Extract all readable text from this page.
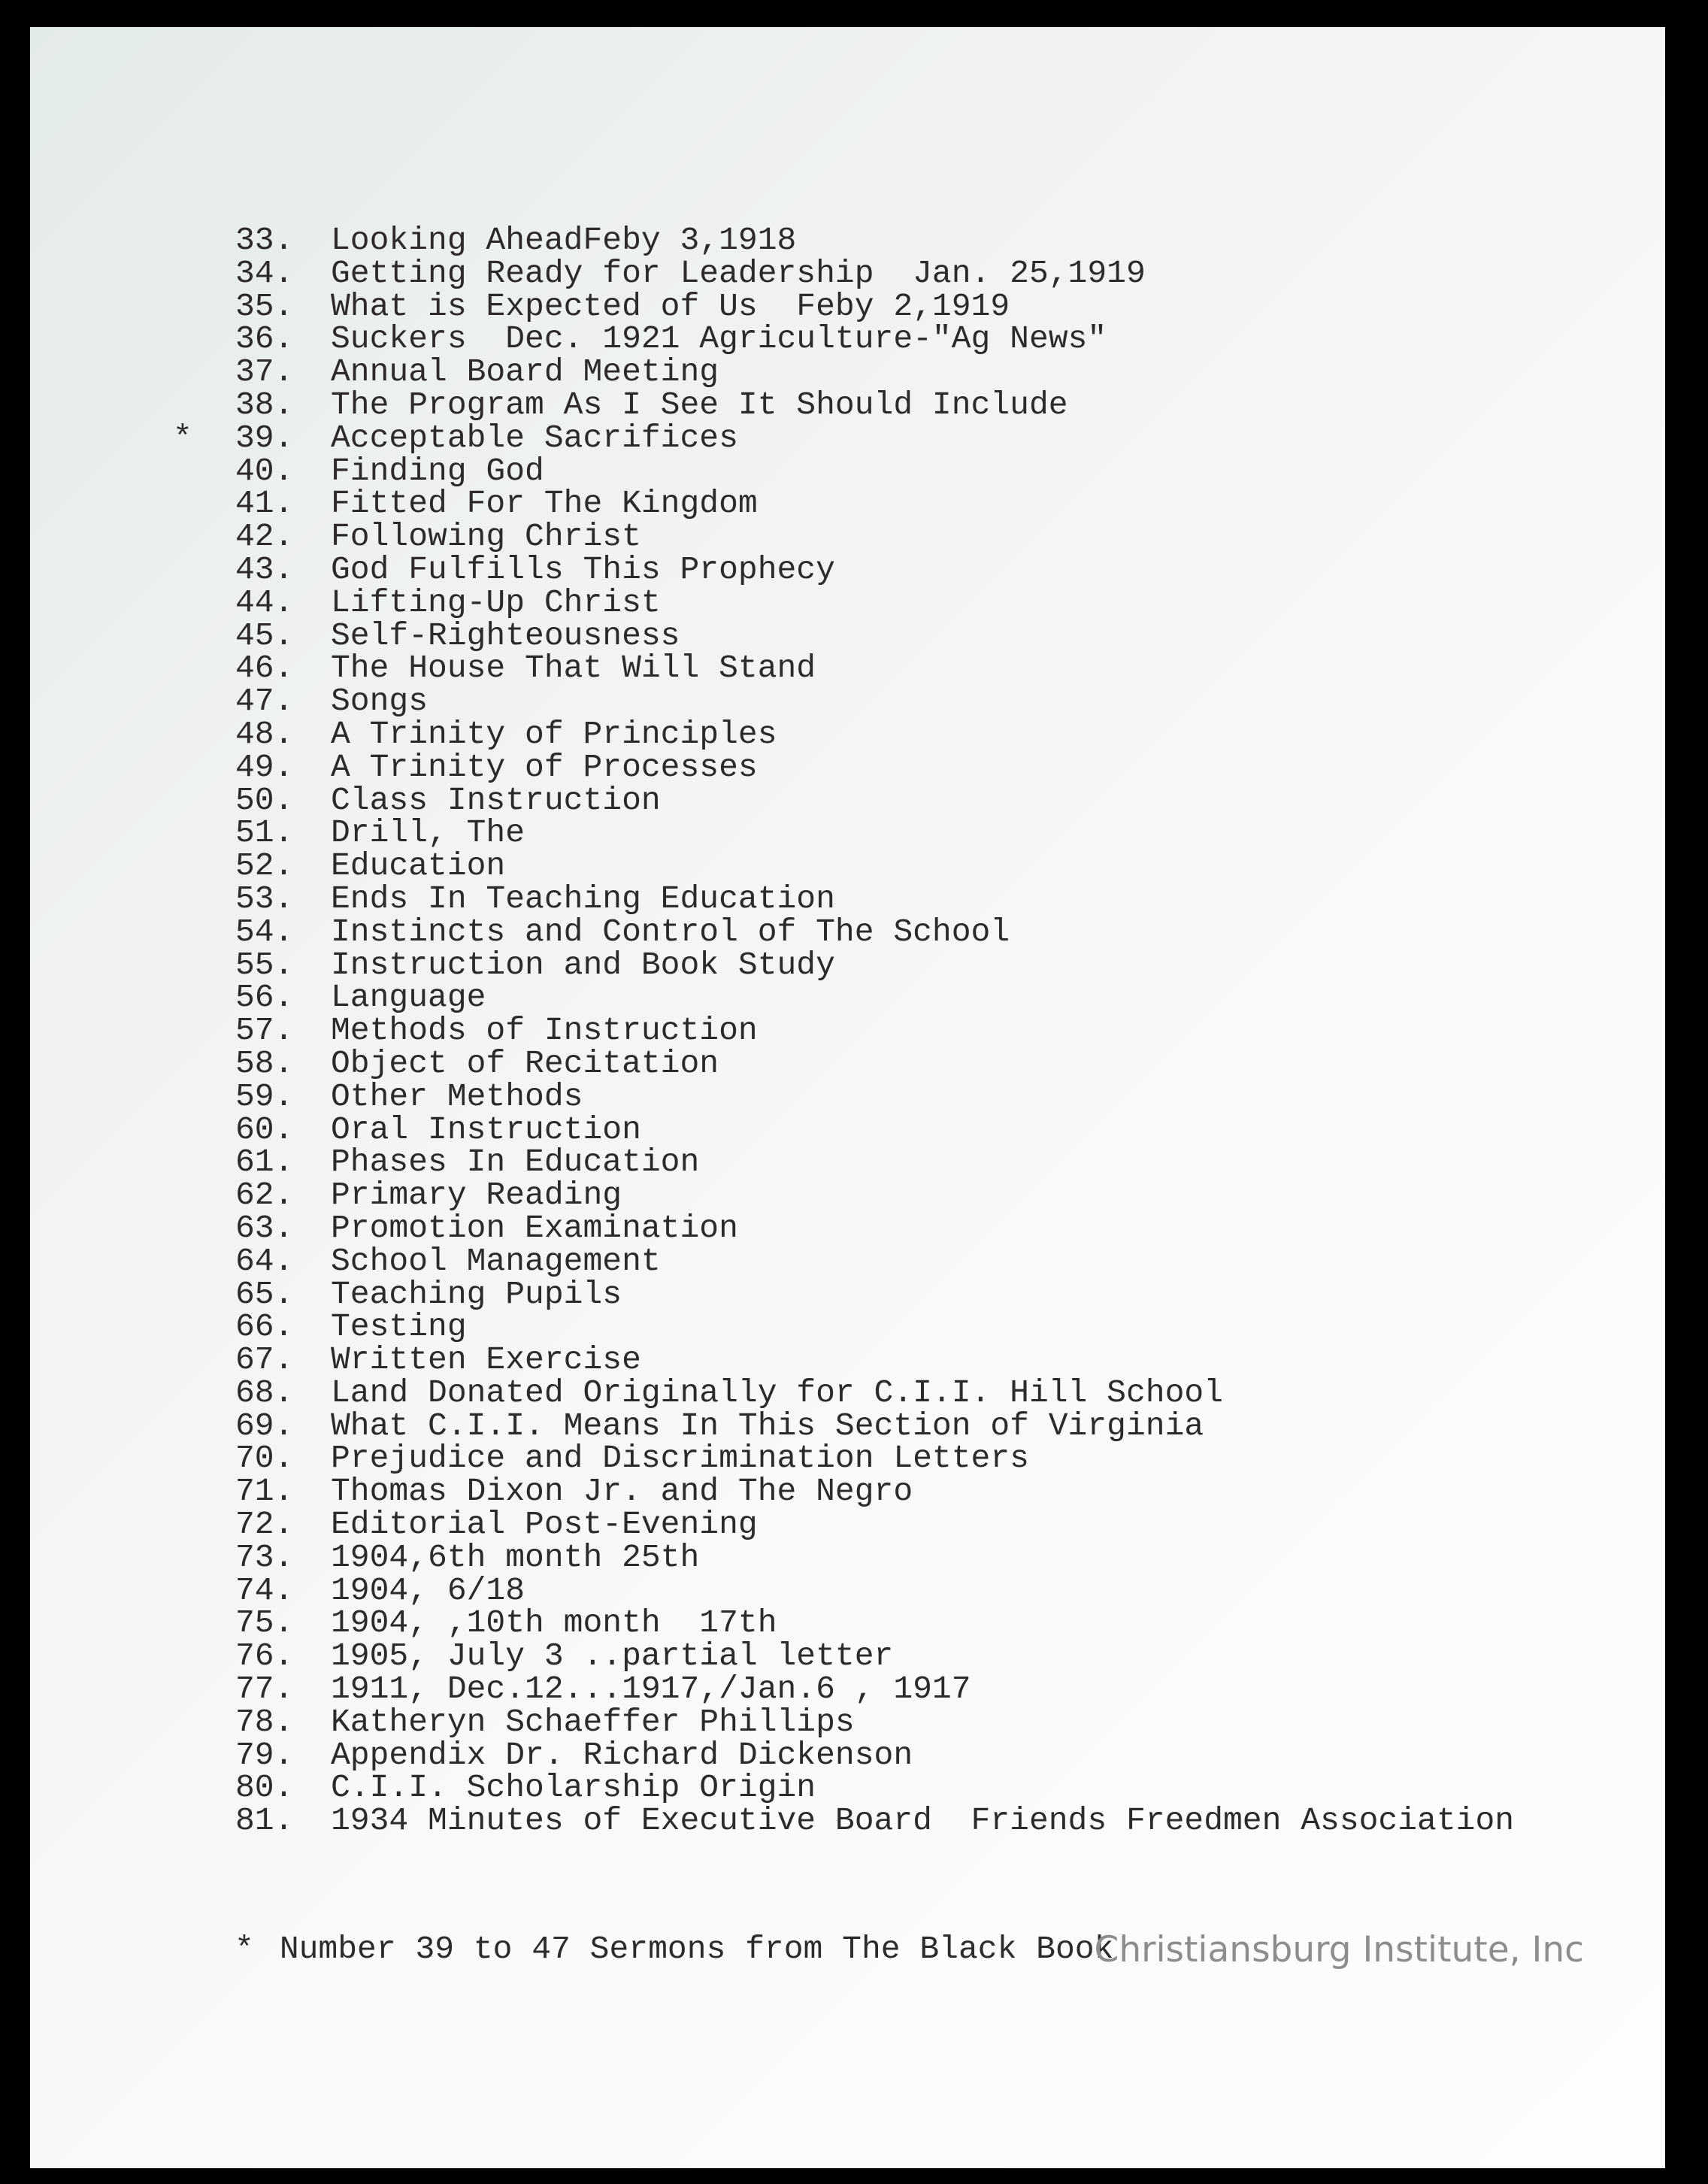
33. Looking AheadFeby 3,1918
34. Getting Ready for Leadership  Jan. 25,1919
35. What is Expected of Us  Feby 2,1919
36. Suckers  Dec. 1921 Agriculture-"Ag News"
37. Annual Board Meeting
38. The Program As I See It Should Include
* 39. Acceptable Sacrifices
40. Finding God
41. Fitted For The Kingdom
42. Following Christ
43. God Fulfills This Prophecy
44. Lifting-Up Christ
45. Self-Righteousness
46. The House That Will Stand
47. Songs
48. A Trinity of Principles
49. A Trinity of Processes
50. Class Instruction
51. Drill, The
52. Education
53. Ends In Teaching Education
54. Instincts and Control of The School
55. Instruction and Book Study
56. Language
57. Methods of Instruction
58. Object of Recitation
59. Other Methods
60. Oral Instruction
61. Phases In Education
62. Primary Reading
63. Promotion Examination
64. School Management
65. Teaching Pupils
66. Testing
67. Written Exercise
68. Land Donated Originally for C.I.I. Hill School
69. What C.I.I. Means In This Section of Virginia
70. Prejudice and Discrimination Letters
71. Thomas Dixon Jr. and The Negro
72. Editorial Post-Evening
73. 1904,6th month 25th
74. 1904, 6/18
75. 1904, ,10th month  17th
76. 1905, July 3 ..partial letter
77. 1911, Dec.12...1917,/Jan.6 , 1917
78. Katheryn Schaeffer Phillips
79. Appendix Dr. Richard Dickenson
80. C.I.I. Scholarship Origin
81. 1934 Minutes of Executive Board  Friends Freedmen Association
* Number 39 to 47 Sermons from The Black Book
Christiansburg Institute, Inc
